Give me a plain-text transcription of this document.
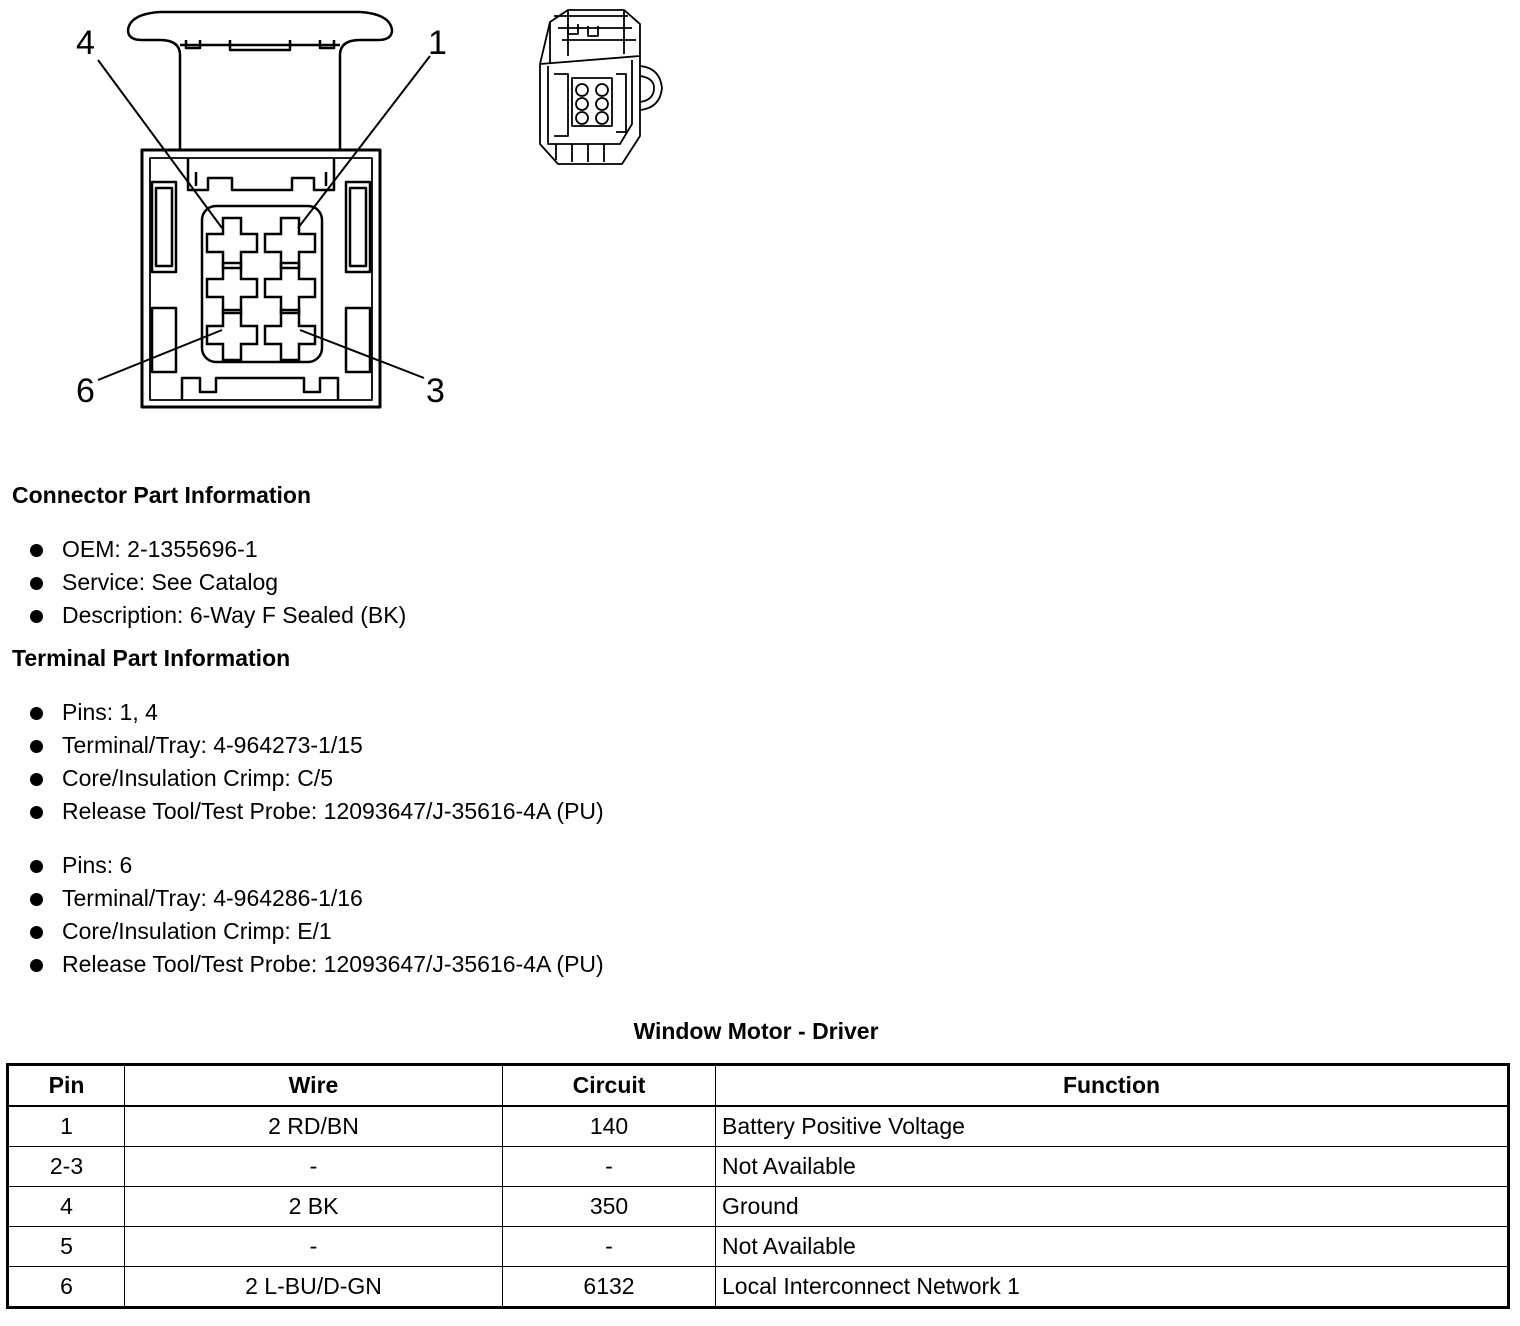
4	1
6	3
Connector Part Information
OEM: 2-1355696-1
Service: See Catalog
Description: 6-Way F Sealed (BK)
Terminal Part Information
Pins: 1, 4
Terminal/Tray: 4-964273-1/15
Core/Insulation Crimp: C/5
Release Tool/Test Probe: 12093647/J-35616-4A (PU)
Pins: 6
Terminal/Tray: 4-964286-1/16
Core/Insulation Crimp: E/1
Release Tool/Test Probe: 12093647/J-35616-4A (PU)
Window Motor - Driver
Pin	Wire	Circuit	Function
1	2 RD/BN	140	Battery Positive Voltage
2-3	-	-	Not Available
4	2 BK	350	Ground
5	-	-	Not Available
6	2 L-BU/D-GN	6132	Local Interconnect Network 1
